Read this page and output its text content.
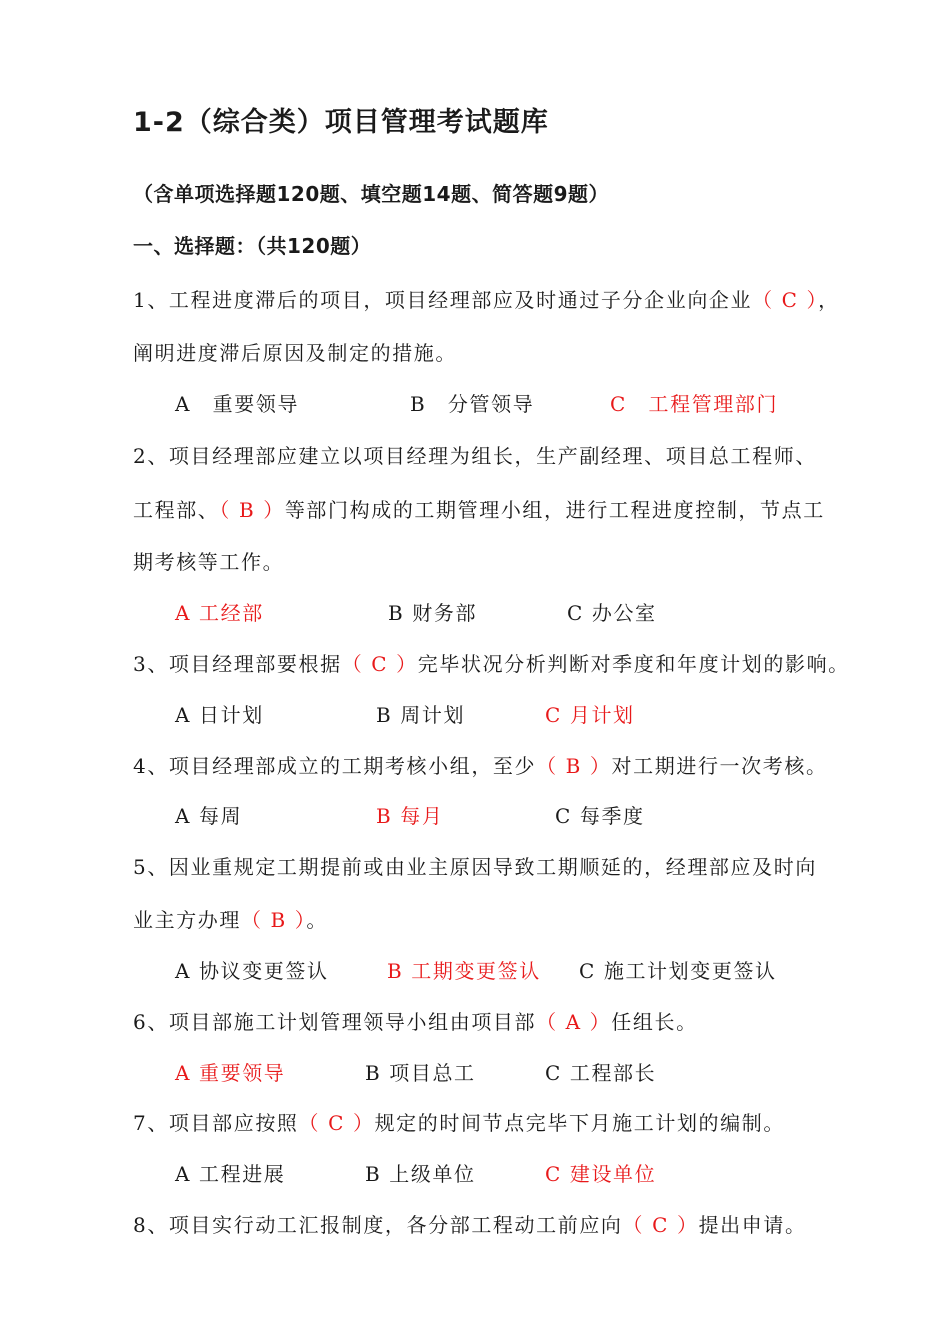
1-2（综合类）项目管理考试题库
（含单项选择题120题、填空题14题、简答题9题）
一、选择题：（共120题）
1、工程进度滞后的项目，项目经理部应及时通过子分企业向企业（ C ），
阐明进度滞后原因及制定的措施。
A　重要领导	B　分管领导	C　工程管理部门
2、项目经理部应建立以项目经理为组长，生产副经理、项目总工程师、
工程部、（ B ）等部门构成的工期管理小组，进行工程进度控制，节点工
期考核等工作。
A 工经部	B 财务部	C 办公室
3、项目经理部要根据（ C ）完毕状况分析判断对季度和年度计划的影响。
A 日计划	B 周计划	C 月计划
4、项目经理部成立的工期考核小组，至少（ B ）对工期进行一次考核。
A 每周	B 每月	C 每季度
5、因业重规定工期提前或由业主原因导致工期顺延的，经理部应及时向
业主方办理（ B ）。
A 协议变更签认	B 工期变更签认 C 施工计划变更签认
6、项目部施工计划管理领导小组由项目部（ A ）任组长。
A 重要领导	B 项目总工	C 工程部长
7、项目部应按照（ C ）规定的时间节点完毕下月施工计划的编制。
A 工程进展	B 上级单位	C 建设单位
8、项目实行动工汇报制度，各分部工程动工前应向（ C ）提出申请。
